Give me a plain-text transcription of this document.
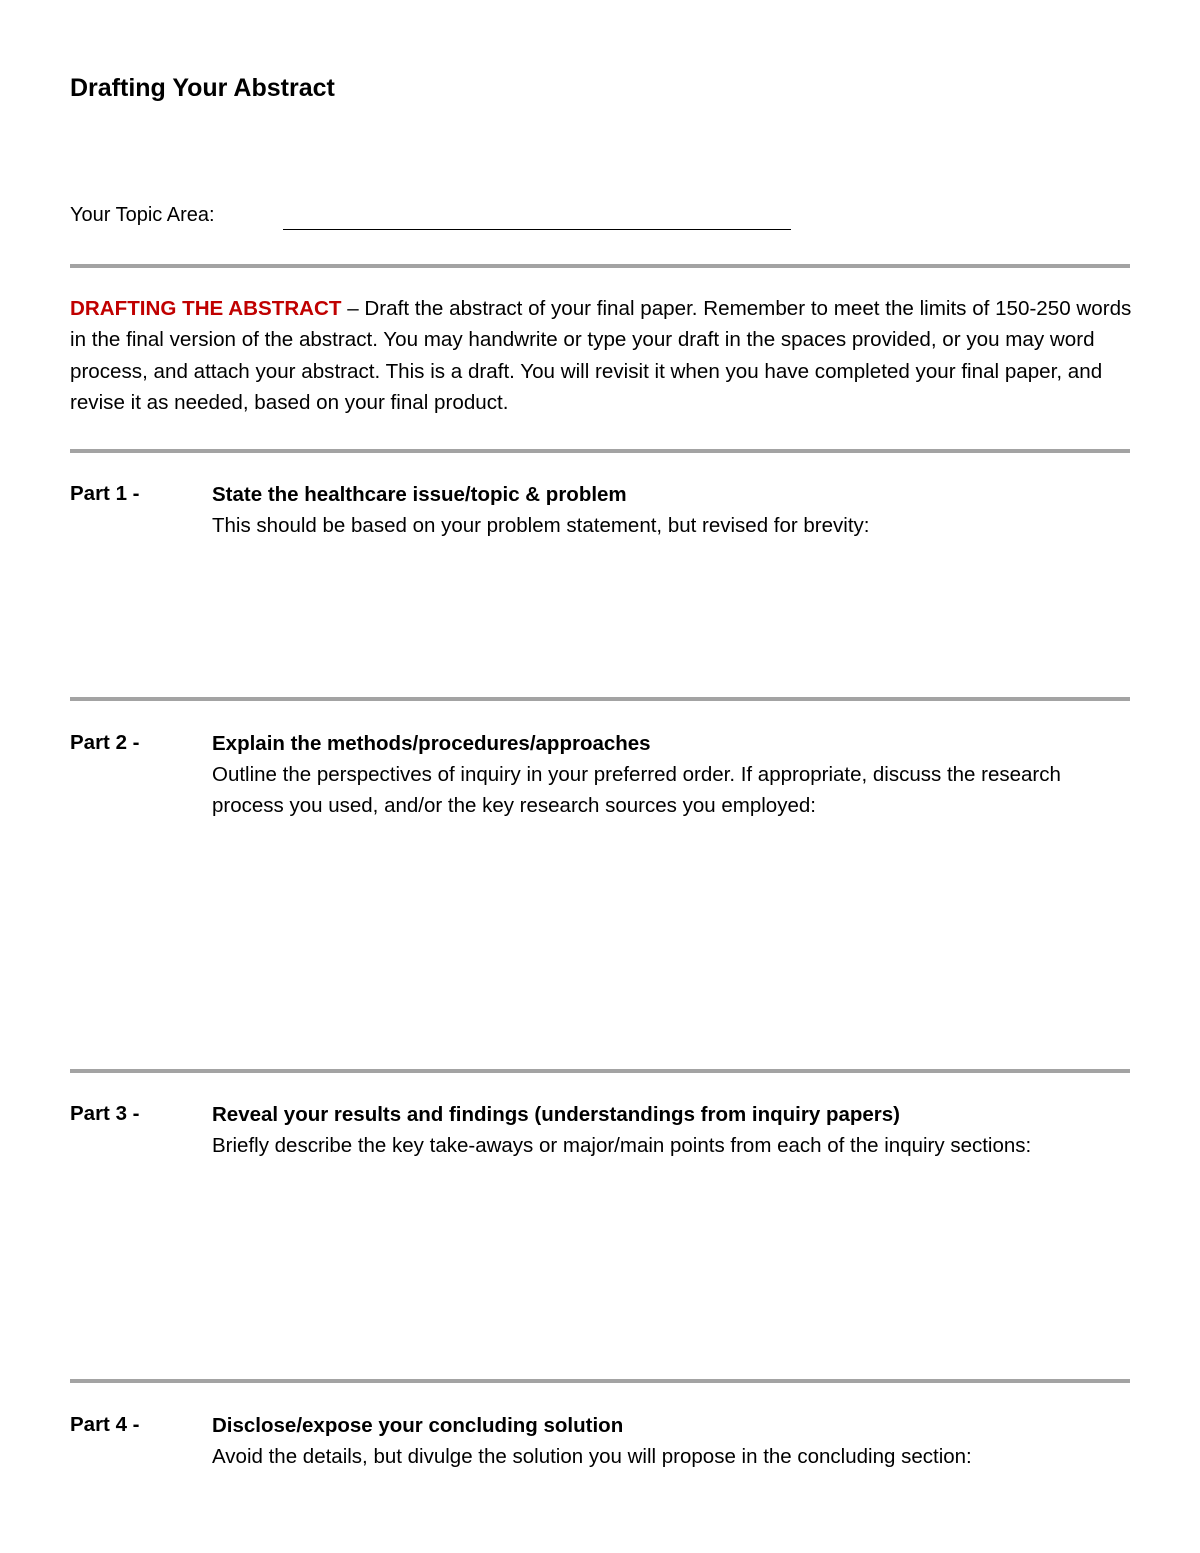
Drafting Your Abstract
Your Topic Area:

DRAFTING THE ABSTRACT – Draft the abstract of your final paper. Remember to meet the limits of 150-250 words in the final version of the abstract. You may handwrite or type your draft in the spaces provided, or you may word process, and attach your abstract. This is a draft. You will revisit it when you have completed your final paper, and revise it as needed, based on your final product.

Part 1 -	State the healthcare issue/topic & problem
This should be based on your problem statement, but revised for brevity:
Part 2 -	Explain the methods/procedures/approaches
Outline the perspectives of inquiry in your preferred order. If appropriate, discuss the research process you used, and/or the key research sources you employed:
Part 3 -	Reveal your results and findings (understandings from inquiry papers)
Briefly describe the key take-aways or major/main points from each of the inquiry sections:
Part 4 -	Disclose/expose your concluding solution
Avoid the details, but divulge the solution you will propose in the concluding section:
